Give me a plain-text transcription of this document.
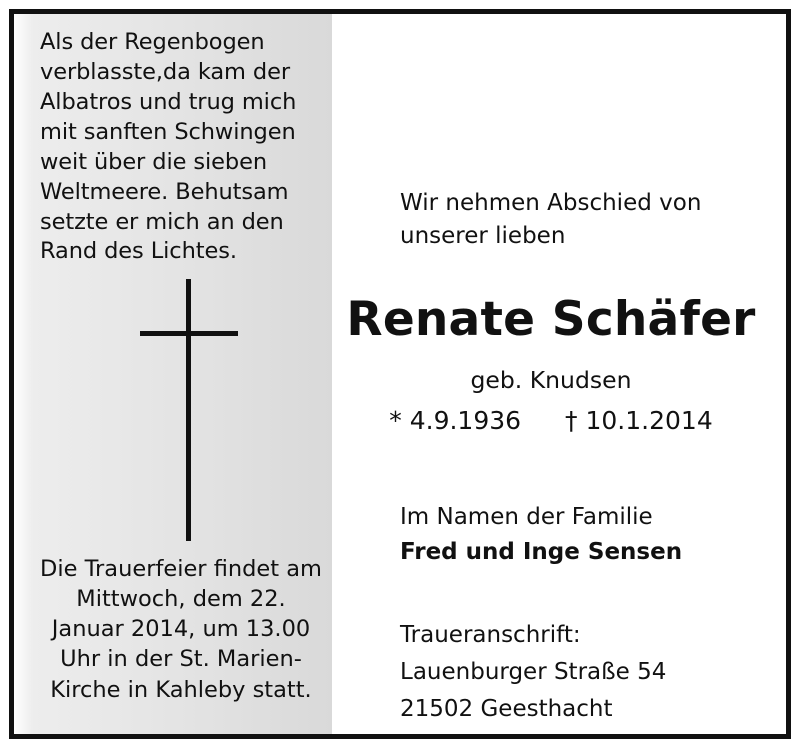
Als der Regenbogen verblasste,da kam der Albatros und trug mich mit sanften Schwingen weit über die sieben Weltmeere. Behutsam setzte er mich an den Rand des Lichtes.
Die Trauerfeier findet am Mittwoch, dem 22. Januar 2014, um 13.00 Uhr in der St. Marien-Kirche in Kahleby statt.
Wir nehmen Abschied von unserer lieben
Renate Schäfer
geb. Knudsen
* 4.9.1936 † 10.1.2014
Im Namen der Familie
Fred und Inge Sensen
Traueranschrift:
Lauenburger Straße 54
21502 Geesthacht
